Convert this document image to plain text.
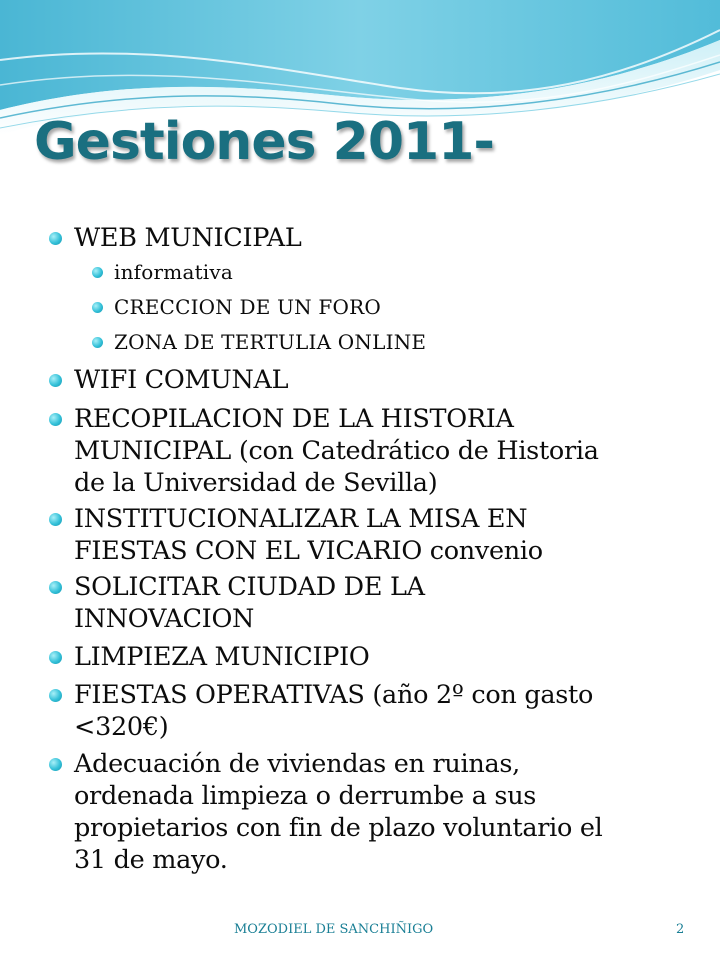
Gestiones 2011-
WEB MUNICIPAL
informativa
CRECCION DE UN FORO
ZONA DE TERTULIA ONLINE
WIFI COMUNAL
RECOPILACION DE LA HISTORIA
MUNICIPAL (con Catedrático de Historia
de la Universidad de Sevilla)
INSTITUCIONALIZAR LA MISA EN
FIESTAS CON EL VICARIO convenio
SOLICITAR CIUDAD DE LA
INNOVACION
LIMPIEZA MUNICIPIO
FIESTAS OPERATIVAS (año 2º con gasto
<320€)
Adecuación de viviendas en ruinas,
ordenada limpieza o derrumbe a sus
propietarios con fin de plazo voluntario el
31 de mayo.
MOZODIEL DE SANCHIÑIGO	2
